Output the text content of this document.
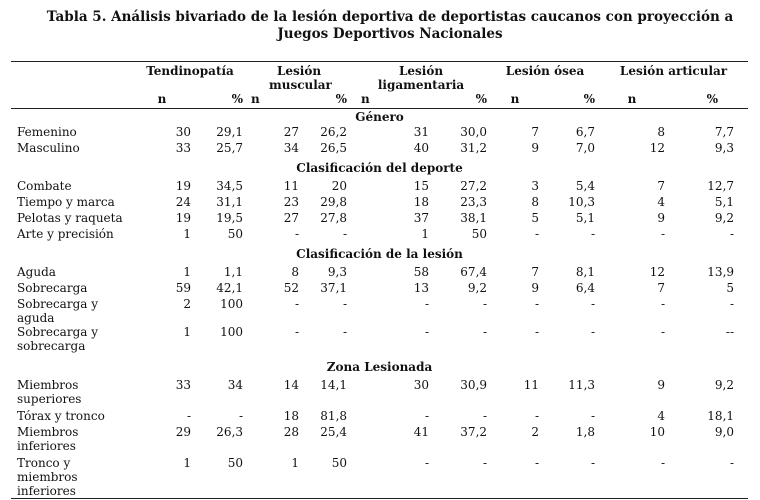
Tabla 5. Análisis bivariado de la lesión deportiva de deportistas caucanos con proyección a Juegos Deportivos Nacionales
	Tendinopatía		Lesión muscular		Lesión ligamentaria		Lesión ósea		Lesión articular	
	n	%	n	%	n	%	n	%	n	%
Género										
Femenino	30	29,1	27	26,2	31	30,0	7	6,7	8	7,7
Masculino	33	25,7	34	26,5	40	31,2	9	7,0	12	9,3
Clasificación del deporte										
Combate	19	34,5	11	20	15	27,2	3	5,4	7	12,7
Tiempo y marca	24	31,1	23	29,8	18	23,3	8	10,3	4	5,1
Pelotas y raqueta	19	19,5	27	27,8	37	38,1	5	5,1	9	9,2
Arte y precisión	1	50	-	-	1	50	-	-	-	-
Clasificación de la lesión										
Aguda	1	1,1	8	9,3	58	67,4	7	8,1	12	13,9
Sobrecarga	59	42,1	52	37,1	13	9,2	9	6,4	7	5
Sobrecarga y aguda	2	100	-	-	-	-	-	-	-	-

Sobrecarga y sobrecarga	1	100	-	-	-	-	-	-	-	--
Zona Lesionada										

Miembros superiores	33	34	14	14,1	30	30,9	11	11,3	9	9,2
Tórax y tronco	-	-	18	81,8	-	-	-	-	4	18,1

Miembros inferiores	29	26,3	28	25,4	41	37,2	2	1,8	10	9,0

Tronco y miembros inferiores	1	50	1	50	-	-	-	-	-	-
